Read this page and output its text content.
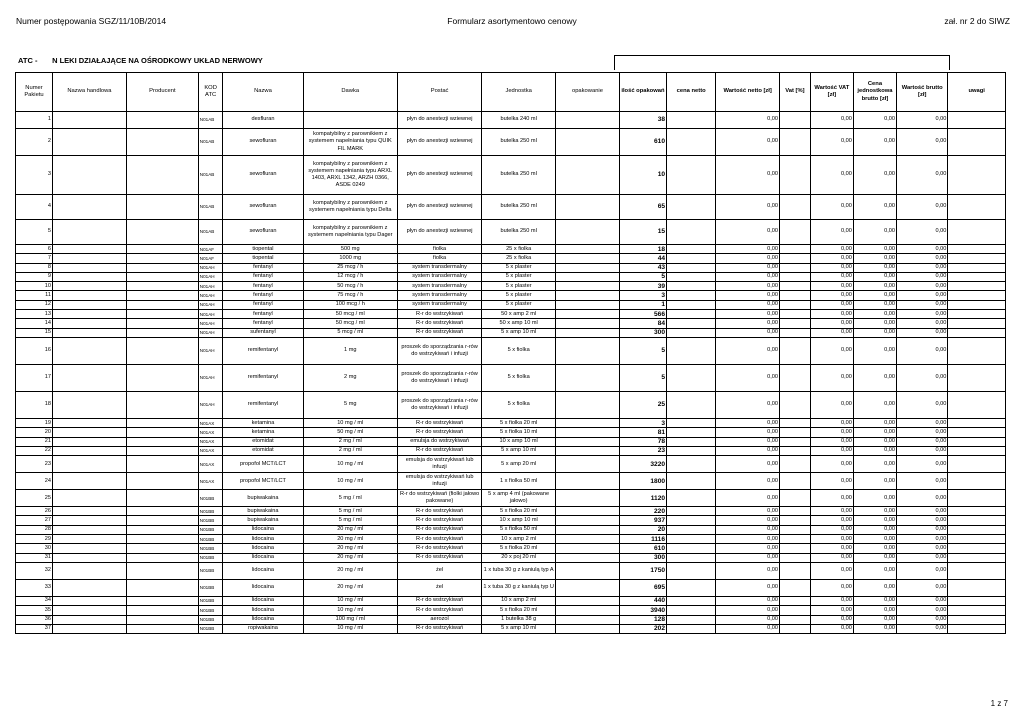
Numer postępowania SGZ/11/10B/2014	Formularz asortymentowo cenowy	zał. nr 2 do SIWZ
ATC - N LEKI DZIAŁAJĄCE NA OŚRODKOWY UKŁAD NERWOWY
Numer Pakietu	Nazwa handlowa	Producent	KOD ATC	Nazwa	Dawka	Postać	Jednostka	opakowanie	ilość opakowań	cena netto	Wartość netto [zł]	Vat [%]	Wartość VAT [zł]	Cena jednostkowa brutto [zł]	Wartość brutto [zł]	uwagi
1			N01AB	desfluran		płyn do anestezji wziewnej	butelka 240 ml		38		0,00		0,00	0,00	0,00	
2			N01AB	sewofluran	kompatybilny z parownikiem z systemem napełniania typu QUIK FIL MARK	płyn do anestezji wziewnej	butelka 250 ml		610		0,00		0,00	0,00	0,00	
3			N01AB	sewofluran	kompatybilny z parownikiem z systemem napełniania typu ARXL 1403, ARXL 1342, ARZH 0366, ASDE 0249	płyn do anestezji wziewnej	butelka 250 ml		10		0,00		0,00	0,00	0,00	
4			N01AB	sewofluran	kompatybilny z parownikiem z systemem napełniania typu Delta	płyn do anestezji wziewnej	butelka 250 ml		65		0,00		0,00	0,00	0,00	
5			N01AB	sewofluran	kompatybilny z parownikiem z systemem napełniania typu Dager	płyn do anestezji wziewnej	butelka 250 ml		15		0,00		0,00	0,00	0,00	
6			N01AF	tiopental	500 mg	fiolka	25 x fiolka		18		0,00		0,00	0,00	0,00	
7			N01AF	tiopental	1000 mg	fiolka	25 x fiolka		44		0,00		0,00	0,00	0,00	
8			N01AH	fentanyl	25 mcg / h	system transdermalny	5 x plaster		43		0,00		0,00	0,00	0,00	
9			N01AH	fentanyl	12 mcg / h	system transdermalny	5 x plaster		5		0,00		0,00	0,00	0,00	
10			N01AH	fentanyl	50 mcg / h	system transdermalny	5 x plaster		39		0,00		0,00	0,00	0,00	
11			N01AH	fentanyl	75 mcg / h	system transdermalny	5 x plaster		3		0,00		0,00	0,00	0,00	
12			N01AH	fentanyl	100 mcg / h	system transdermalny	5 x plaster		1		0,00		0,00	0,00	0,00	
13			N01AH	fentanyl	50 mcg / ml	R-r do wstrzykiwań	50 x amp 2 ml		566		0,00		0,00	0,00	0,00	
14			N01AH	fentanyl	50 mcg / ml	R-r do wstrzykiwań	50 x amp 10 ml		84		0,00		0,00	0,00	0,00	
15			N01AH	sufentanyl	5 mcg / ml	R-r do wstrzykiwań	5 x amp 10 ml		300		0,00		0,00	0,00	0,00	
16			N01AH	remifentanyl	1 mg	proszek do sporządzania r-rów do wstrzykiwań i infuzji	5 x fiolka		5		0,00		0,00	0,00	0,00	
17			N01AH	remifentanyl	2 mg	proszek do sporządzania r-rów do wstrzykiwań i infuzji	5 x fiolka		5		0,00		0,00	0,00	0,00	
18			N01AH	remifentanyl	5 mg	proszek do sporządzania r-rów do wstrzykiwań i infuzji	5 x fiolka		25		0,00		0,00	0,00	0,00	
19			N01AX	ketamina	10 mg / ml	R-r do wstrzykiwań	5 x fiolka 20 ml		3		0,00		0,00	0,00	0,00	
20			N01AX	ketamina	50 mg / ml	R-r do wstrzykiwań	5 x fiolka 10 ml		81		0,00		0,00	0,00	0,00	
21			N01AX	etomidat	2 mg / ml	emulsja do wstrzykiwań	10 x amp 10 ml		78		0,00		0,00	0,00	0,00	
22			N01AX	etomidat	2 mg / ml	R-r do wstrzykiwań	5 x amp 10 ml		23		0,00		0,00	0,00	0,00	
23			N01AX	propofol MCT/LCT	10 mg / ml	emulsja do wstrzykiwań lub infuzji	5 x amp 20 ml		3220		0,00		0,00	0,00	0,00	
24			N01AX	propofol MCT/LCT	10 mg / ml	emulsja do wstrzykiwań lub infuzji	1 x fiolka 50 ml		1800		0,00		0,00	0,00	0,00	
25			N01BB	bupiwakaina	5 mg / ml	R-r do wstrzykiwań (fiolki jałowo pakowane)	5 x amp 4 ml (pakowane jałowo)		1120		0,00		0,00	0,00	0,00	
26			N01BB	bupiwakaina	5 mg / ml	R-r do wstrzykiwań	5 x fiolka 20 ml		220		0,00		0,00	0,00	0,00	
27			N01BB	bupiwakaina	5 mg / ml	R-r do wstrzykiwań	10 x amp 10 ml		937		0,00		0,00	0,00	0,00	
28			N01BB	lidocaina	20 mg / ml	R-r do wstrzykiwań	5 x fiolka 50 ml		20		0,00		0,00	0,00	0,00	
29			N01BB	lidocaina	20 mg / ml	R-r do wstrzykiwań	10 x amp 2 ml		1116		0,00		0,00	0,00	0,00	
30			N01BB	lidocaina	20 mg / ml	R-r do wstrzykiwań	5 x fiolka 20 ml		610		0,00		0,00	0,00	0,00	
31			N01BB	lidocaina	20 mg / ml	R-r do wstrzykiwań	20 x poj 20 ml		300		0,00		0,00	0,00	0,00	
32			N01BB	lidocaina	20 mg / ml	żel	1 x tuba 30 g z kaniulą typ A		1750		0,00		0,00	0,00	0,00	
33			N01BB	lidocaina	20 mg / ml	żel	1 x tuba 30 g z kaniulą typ U		695		0,00		0,00	0,00	0,00	
34			N01BB	lidocaina	10 mg / ml	R-r do wstrzykiwań	10 x amp 2 ml		440		0,00		0,00	0,00	0,00	
35			N01BB	lidocaina	10 mg / ml	R-r do wstrzykiwań	5 x fiolka 20 ml		3940		0,00		0,00	0,00	0,00	
36			N01BB	lidocaina	100 mg / ml	aerozol	1 butelka 38 g		128		0,00		0,00	0,00	0,00	
37			N01BB	ropiwakaina	10 mg / ml	R-r do wstrzykiwań	5 x amp 10 ml		202		0,00		0,00	0,00	0,00	
1 z 7
